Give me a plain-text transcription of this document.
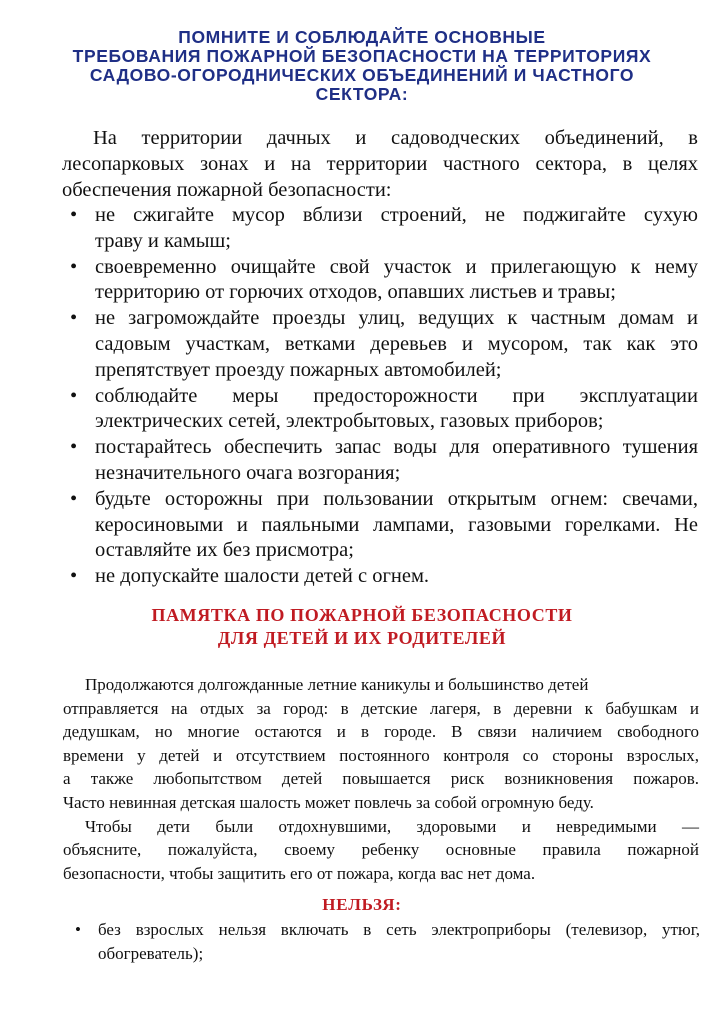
ПОМНИТЕ И СОБЛЮДАЙТЕ ОСНОВНЫЕ
ТРЕБОВАНИЯ ПОЖАРНОЙ БЕЗОПАСНОСТИ НА ТЕРРИТОРИЯХ
САДОВО-ОГОРОДНИЧЕСКИХ ОБЪЕДИНЕНИЙ И ЧАСТНОГО
СЕКТОРА:
На территории дачных и садоводческих объединений, в
лесопарковых зонах и на территории частного сектора, в целях
обеспечения пожарной безопасности:
• не сжигайте мусор вблизи строений, не поджигайте сухую
траву и камыш;
• своевременно очищайте свой участок и прилегающую к нему
территорию от горючих отходов, опавших листьев и травы;
• не загромождайте проезды улиц, ведущих к частным домам и
садовым участкам, ветками деревьев и мусором, так как это
препятствует проезду пожарных автомобилей;
• соблюдайте меры предосторожности при эксплуатации
электрических сетей, электробытовых, газовых приборов;
• постарайтесь обеспечить запас воды для оперативного тушения
незначительного очага возгорания;
• будьте осторожны при пользовании открытым огнем: свечами,
керосиновыми и паяльными лампами, газовыми горелками. Не
оставляйте их без присмотра;
• не допускайте шалости детей с огнем.
ПАМЯТКА ПО ПОЖАРНОЙ БЕЗОПАСНОСТИ
ДЛЯ ДЕТЕЙ И ИХ РОДИТЕЛЕЙ
Продолжаются долгожданные летние каникулы и большинство детей
отправляется на отдых за город: в детские лагеря, в деревни к бабушкам и
дедушкам, но многие остаются и в городе. В связи наличием свободного
времени у детей и отсутствием постоянного контроля со стороны взрослых,
а также любопытством детей повышается риск возникновения пожаров.
Часто невинная детская шалость может повлечь за собой огромную беду.
Чтобы дети были отдохнувшими, здоровыми и невредимыми —
объясните, пожалуйста, своему ребенку основные правила пожарной
безопасности, чтобы защитить его от пожара, когда вас нет дома.
НЕЛЬЗЯ:
• без взрослых нельзя включать в сеть электроприборы (телевизор, утюг,
обогреватель);
